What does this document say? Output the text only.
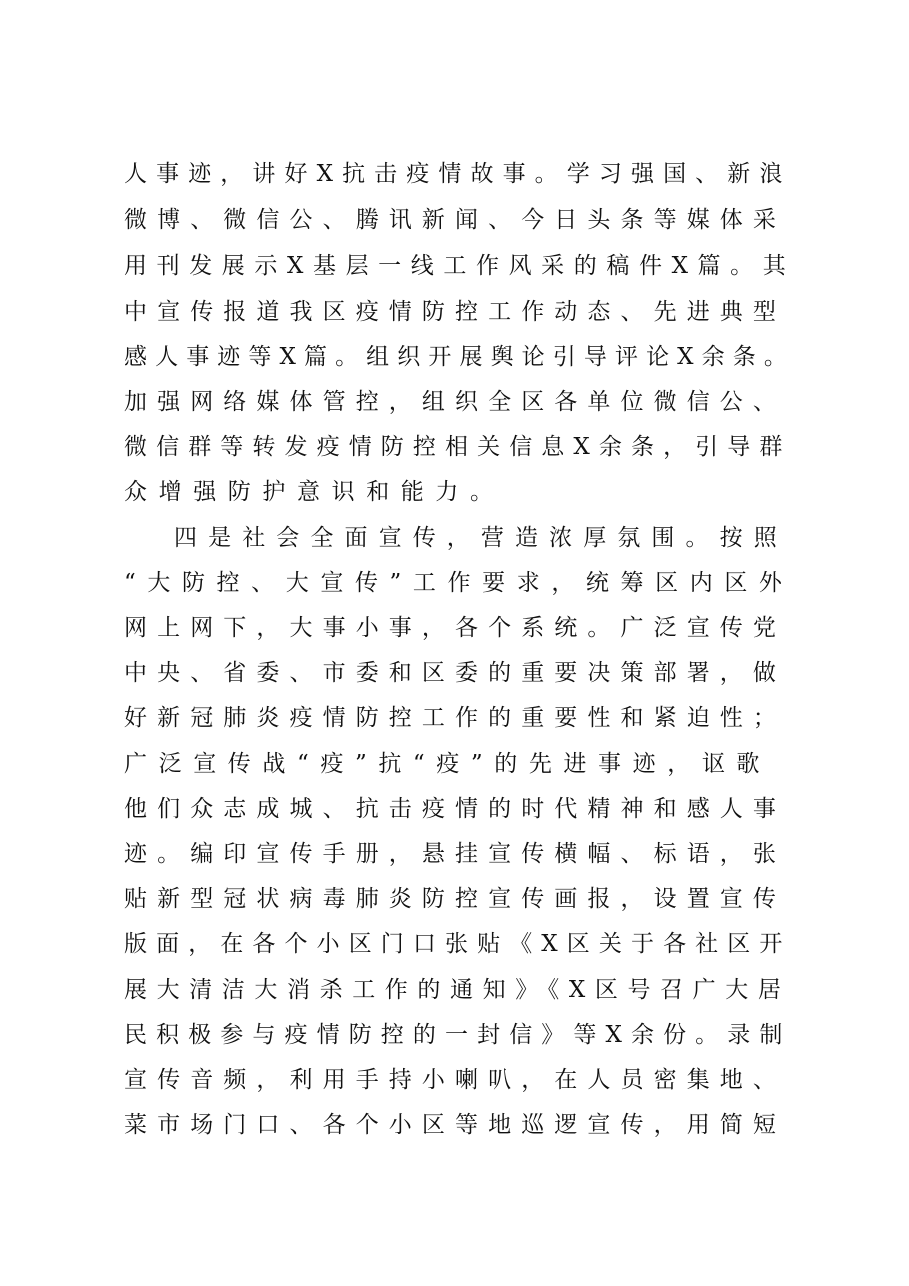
人事迹，讲好X抗击疫情故事。学习强国、新浪
微博、微信公、腾讯新闻、今日头条等媒体采
用刊发展示X基层一线工作风采的稿件X篇。其
中宣传报道我区疫情防控工作动态、先进典型
感人事迹等X篇。组织开展舆论引导评论X余条。
加强网络媒体管控，组织全区各单位微信公、
微信群等转发疫情防控相关信息X余条，引导群
众增强防护意识和能力。
四是社会全面宣传，营造浓厚氛围。按照
“大防控、大宣传”工作要求，统筹区内区外
网上网下，大事小事，各个系统。广泛宣传党
中央、省委、市委和区委的重要决策部署，做
好新冠肺炎疫情防控工作的重要性和紧迫性；
广泛宣传战“疫”抗“疫”的先进事迹，讴歌
他们众志成城、抗击疫情的时代精神和感人事
迹。编印宣传手册，悬挂宣传横幅、标语，张
贴新型冠状病毒肺炎防控宣传画报，设置宣传
版面，在各个小区门口张贴《X区关于各社区开
展大清洁大消杀工作的通知》《X区号召广大居
民积极参与疫情防控的一封信》等X余份。录制
宣传音频，利用手持小喇叭，在人员密集地、
菜市场门口、各个小区等地巡逻宣传，用简短
